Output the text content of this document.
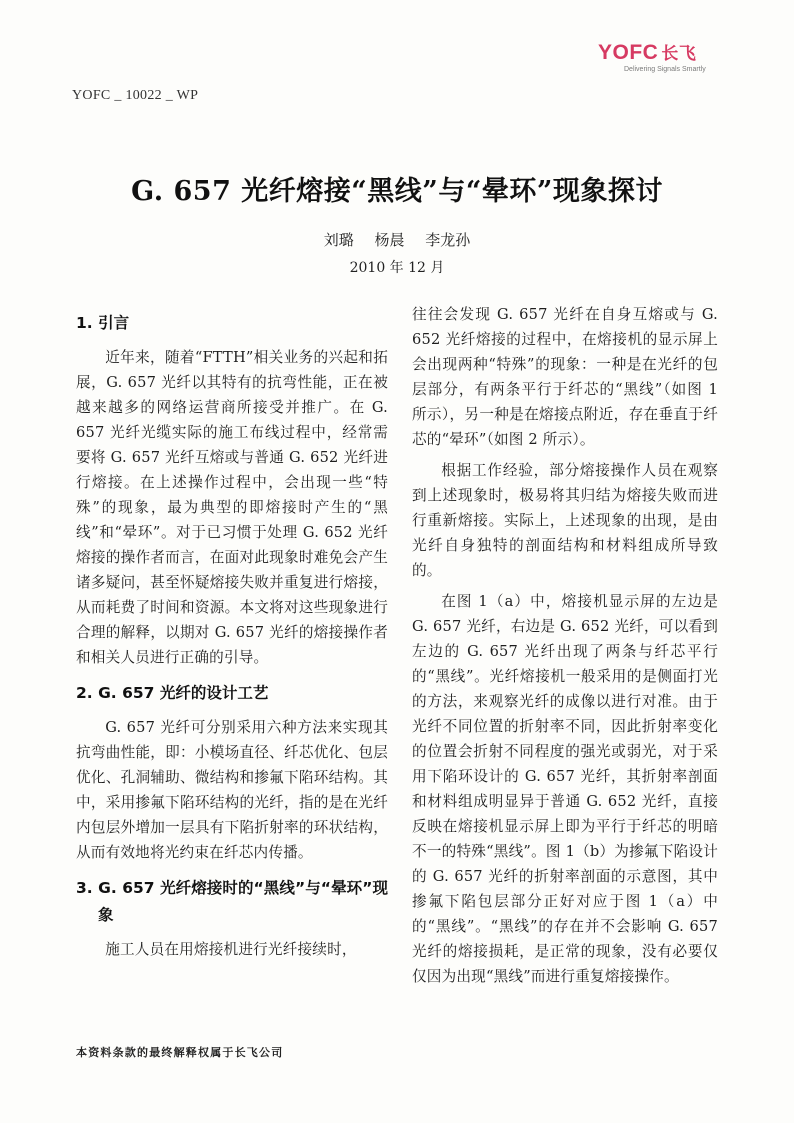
YOFC _ 10022 _ WP
YOFC 长飞
Delivering Signals Smartly
G. 657 光纤熔接“黑线”与“晕环”现象探讨
刘璐 杨晨 李龙孙
2010 年 12 月
1. 引言

近年来，随着“FTTH”相关业务的兴起和拓展，G. 657 光纤以其特有的抗弯性能，正在被越来越多的网络运营商所接受并推广。在 G. 657 光纤光缆实际的施工布线过程中，经常需要将 G. 657 光纤互熔或与普通 G. 652 光纤进行熔接。在上述操作过程中，会出现一些“特殊”的现象，最为典型的即熔接时产生的“黑线”和“晕环”。对于已习惯于处理 G. 652 光纤熔接的操作者而言，在面对此现象时难免会产生诸多疑问，甚至怀疑熔接失败并重复进行熔接，从而耗费了时间和资源。本文将对这些现象进行合理的解释，以期对 G. 657 光纤的熔接操作者和相关人员进行正确的引导。

2. G. 657 光纤的设计工艺

G. 657 光纤可分别采用六种方法来实现其抗弯曲性能，即：小模场直径、纤芯优化、包层优化、孔洞辅助、微结构和掺氟下陷环结构。其中，采用掺氟下陷环结构的光纤，指的是在光纤内包层外增加一层具有下陷折射率的环状结构，从而有效地将光约束在纤芯内传播。

3. G. 657 光纤熔接时的“黑线”与“晕环”现象

施工人员在用熔接机进行光纤接续时，

往往会发现 G. 657 光纤在自身互熔或与 G. 652 光纤熔接的过程中，在熔接机的显示屏上会出现两种“特殊”的现象：一种是在光纤的包层部分，有两条平行于纤芯的“黑线”（如图 1 所示），另一种是在熔接点附近，存在垂直于纤芯的“晕环”（如图 2 所示）。

根据工作经验，部分熔接操作人员在观察到上述现象时，极易将其归结为熔接失败而进行重新熔接。实际上，上述现象的出现，是由光纤自身独特的剖面结构和材料组成所导致的。

在图 1（a）中，熔接机显示屏的左边是 G. 657 光纤，右边是 G. 652 光纤，可以看到左边的 G. 657 光纤出现了两条与纤芯平行的“黑线”。光纤熔接机一般采用的是侧面打光的方法，来观察光纤的成像以进行对准。由于光纤不同位置的折射率不同，因此折射率变化的位置会折射不同程度的强光或弱光，对于采用下陷环设计的 G. 657 光纤，其折射率剖面和材料组成明显异于普通 G. 652 光纤，直接反映在熔接机显示屏上即为平行于纤芯的明暗不一的特殊“黑线”。图 1（b）为掺氟下陷设计的 G. 657 光纤的折射率剖面的示意图，其中掺氟下陷包层部分正好对应于图 1（a）中的“黑线”。“黑线”的存在并不会影响 G. 657 光纤的熔接损耗，是正常的现象，没有必要仅仅因为出现“黑线”而进行重复熔接操作。

本资料条款的最终解释权属于长飞公司
